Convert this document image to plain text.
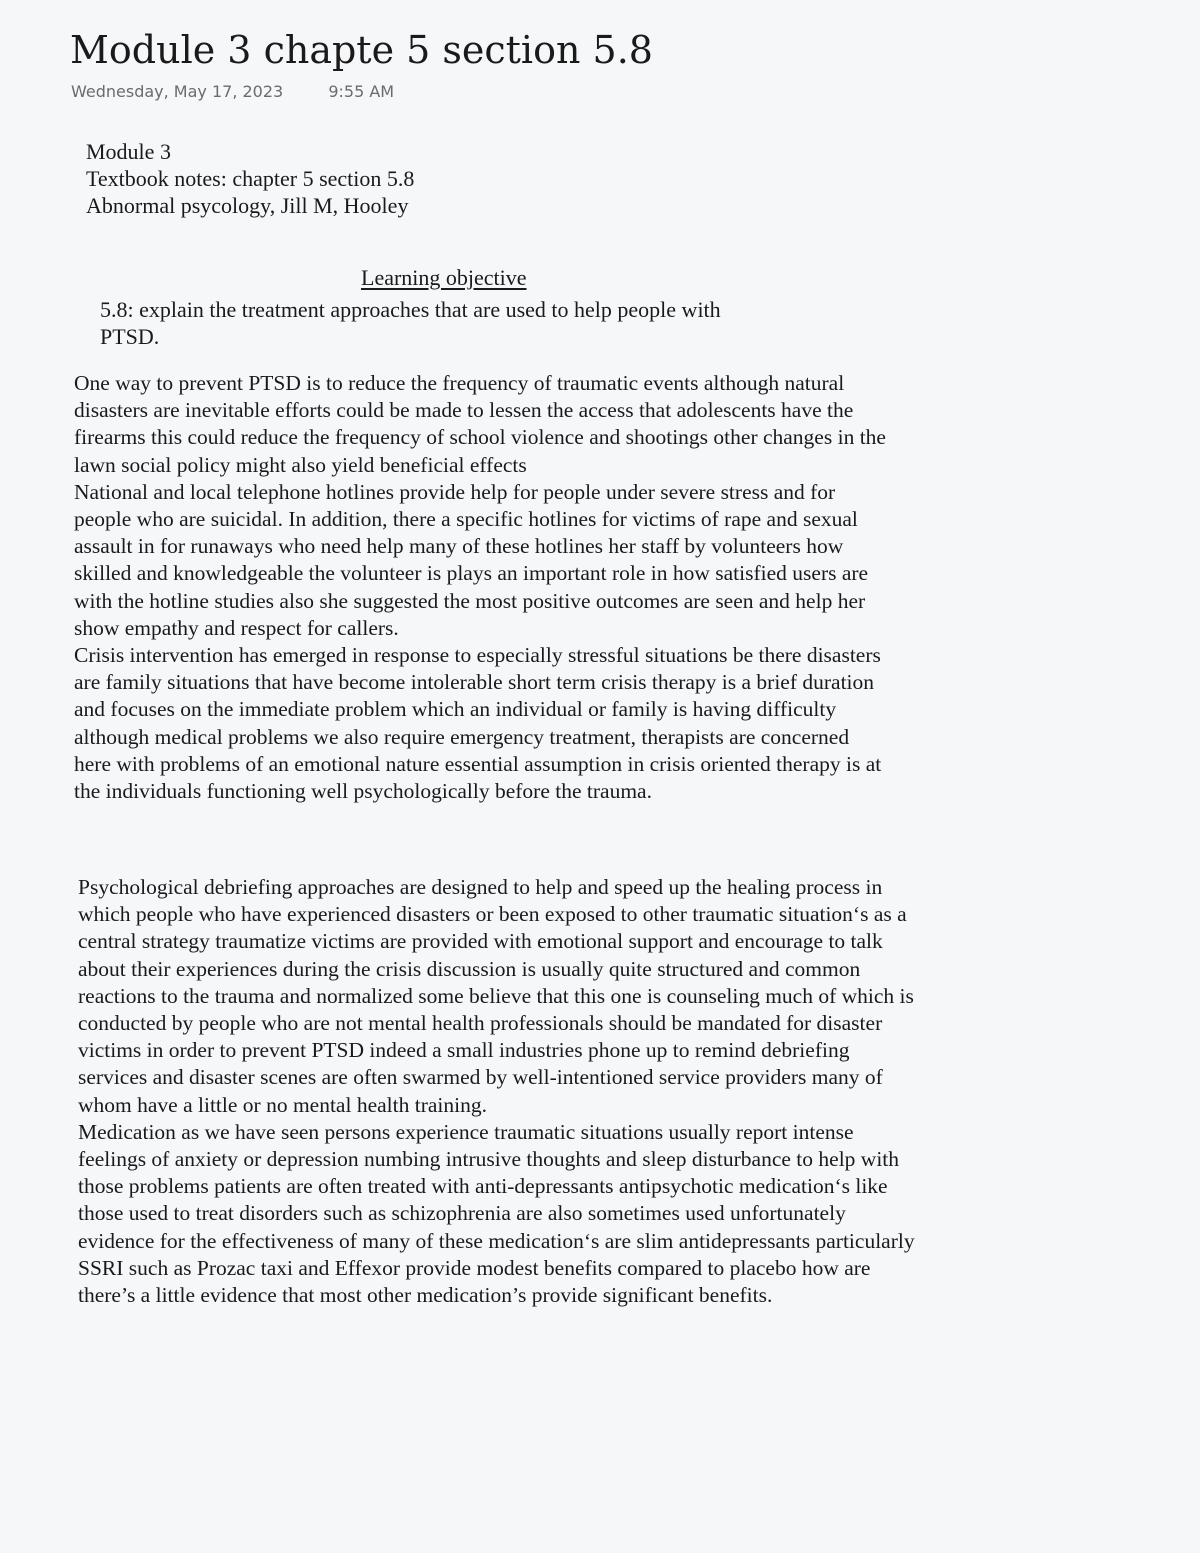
Module 3 chapte 5 section 5.8
Wednesday, May 17, 2023	9:55 AM
Module 3
Textbook notes: chapter 5 section 5.8
Abnormal psycology, Jill M, Hooley
Learning objective
5.8: explain the treatment approaches that are used to help people with
PTSD.
One way to prevent PTSD is to reduce the frequency of traumatic events although natural
disasters are inevitable efforts could be made to lessen the access that adolescents have the
firearms this could reduce the frequency of school violence and shootings other changes in the
lawn social policy might also yield beneficial effects
National and local telephone hotlines provide help for people under severe stress and for
people who are suicidal. In addition, there a specific hotlines for victims of rape and sexual
assault in for runaways who need help many of these hotlines her staff by volunteers how
skilled and knowledgeable the volunteer is plays an important role in how satisfied users are
with the hotline studies also she suggested the most positive outcomes are seen and help her
show empathy and respect for callers.
Crisis intervention has emerged in response to especially stressful situations be there disasters
are family situations that have become intolerable short term crisis therapy is a brief duration
and focuses on the immediate problem which an individual or family is having difficulty
although medical problems we also require emergency treatment, therapists are concerned
here with problems of an emotional nature essential assumption in crisis oriented therapy is at
the individuals functioning well psychologically before the trauma.
Psychological debriefing approaches are designed to help and speed up the healing process in
which people who have experienced disasters or been exposed to other traumatic situation‘s as a
central strategy traumatize victims are provided with emotional support and encourage to talk
about their experiences during the crisis discussion is usually quite structured and common
reactions to the trauma and normalized some believe that this one is counseling much of which is
conducted by people who are not mental health professionals should be mandated for disaster
victims in order to prevent PTSD indeed a small industries phone up to remind debriefing
services and disaster scenes are often swarmed by well-intentioned service providers many of
whom have a little or no mental health training.
Medication as we have seen persons experience traumatic situations usually report intense
feelings of anxiety or depression numbing intrusive thoughts and sleep disturbance to help with
those problems patients are often treated with anti-depressants antipsychotic medication‘s like
those used to treat disorders such as schizophrenia are also sometimes used unfortunately
evidence for the effectiveness of many of these medication‘s are slim antidepressants particularly
SSRI such as Prozac taxi and Effexor provide modest benefits compared to placebo how are
there’s a little evidence that most other medication’s provide significant benefits.
